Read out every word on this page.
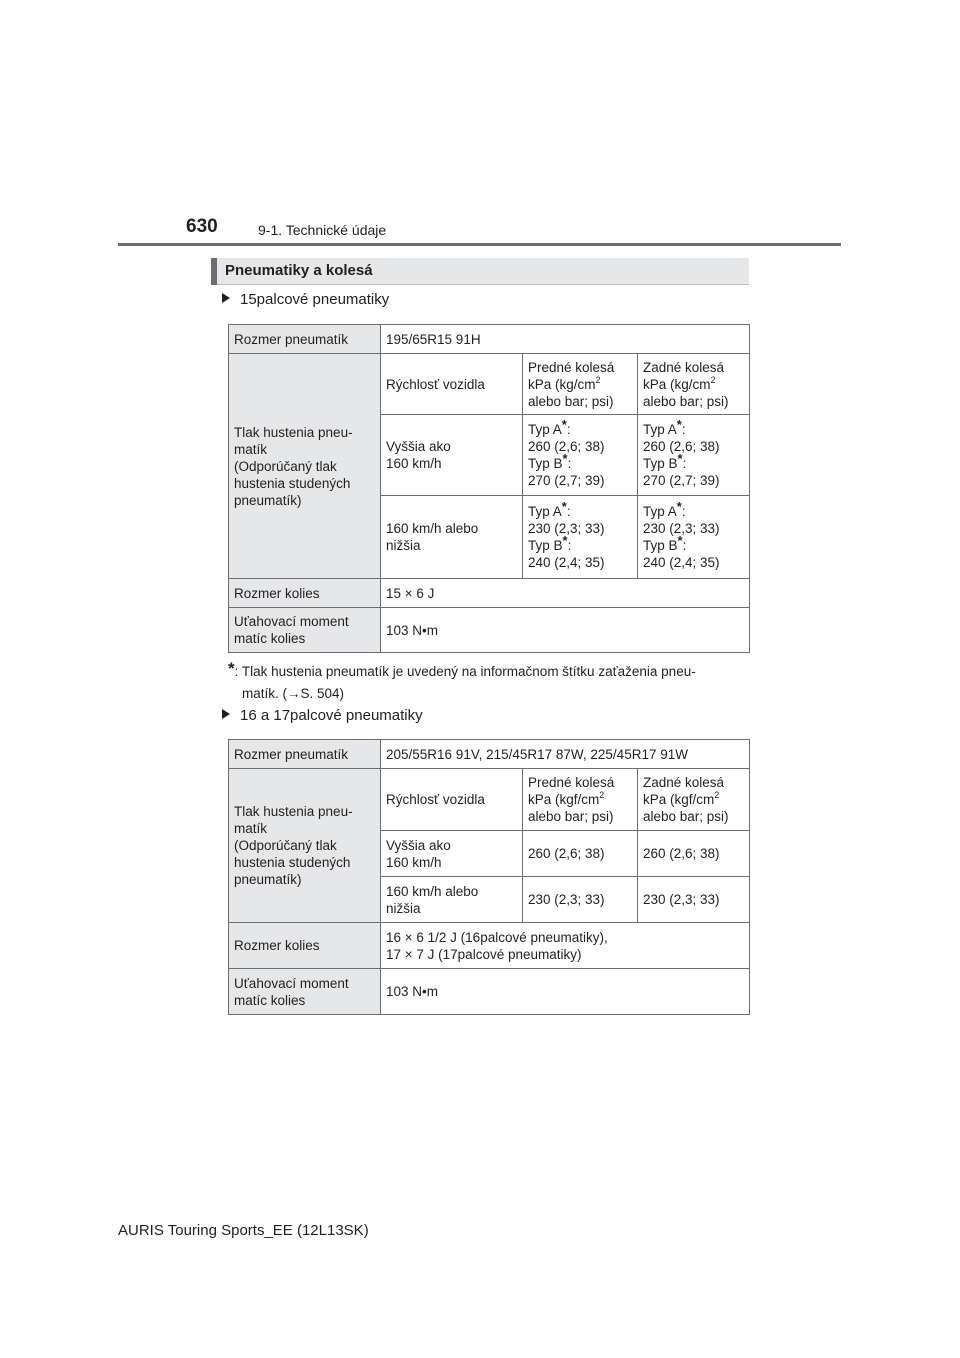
630	9-1. Technické údaje
Pneumatiky a kolesá
15palcové pneumatiky
Rozmer pneumatík	195/65R15 91H		

Tlak hustenia pneu-
matík
(Odporúčaný tlak
hustenia studených
pneumatík)	Rýchlosť vozidla	Predné kolesá
kPa ($kg/cm^2$
alebo bar; psi)	Zadné kolesá
kPa ($kg/cm^2$
alebo bar; psi)

	Vyššia ako
160 km/h	Typ A*:
260 (2,6; 38)
Typ B*:
270 (2,7; 39)	Typ A*:
260 (2,6; 38)
Typ B*:
270 (2,7; 39)

	160 km/h alebo
nižšia	Typ A*:
230 (2,3; 33)
Typ B*:
240 (2,4; 35)	Typ A*:
230 (2,3; 33)
Typ B*:
240 (2,4; 35)

Rozmer kolies	15 × 6 J		

Uťahovací moment
matíc kolies	103 N•m		
*: Tlak hustenia pneumatík je uvedený na informačnom štítku zaťaženia pneu-
matík. (→S. 504)
16 a 17palcové pneumatiky
Rozmer pneumatík	205/55R16 91V, 215/45R17 87W, 225/45R17 91W		

Tlak hustenia pneu-
matík
(Odporúčaný tlak
hustenia studených
pneumatík)	Rýchlosť vozidla	Predné kolesá
kPa ($kgf/cm^2$
alebo bar; psi)	Zadné kolesá
kPa ($kgf/cm^2$
alebo bar; psi)

	Vyššia ako
160 km/h	260 (2,6; 38)	260 (2,6; 38)

	160 km/h alebo
nižšia	230 (2,3; 33)	230 (2,3; 33)
Rozmer kolies	16 × 6 1/2 J (16palcové pneumatiky),
17 × 7 J (17palcové pneumatiky)		

Uťahovací moment
matíc kolies	103 N•m		
AURIS Touring Sports_EE (12L13SK)
